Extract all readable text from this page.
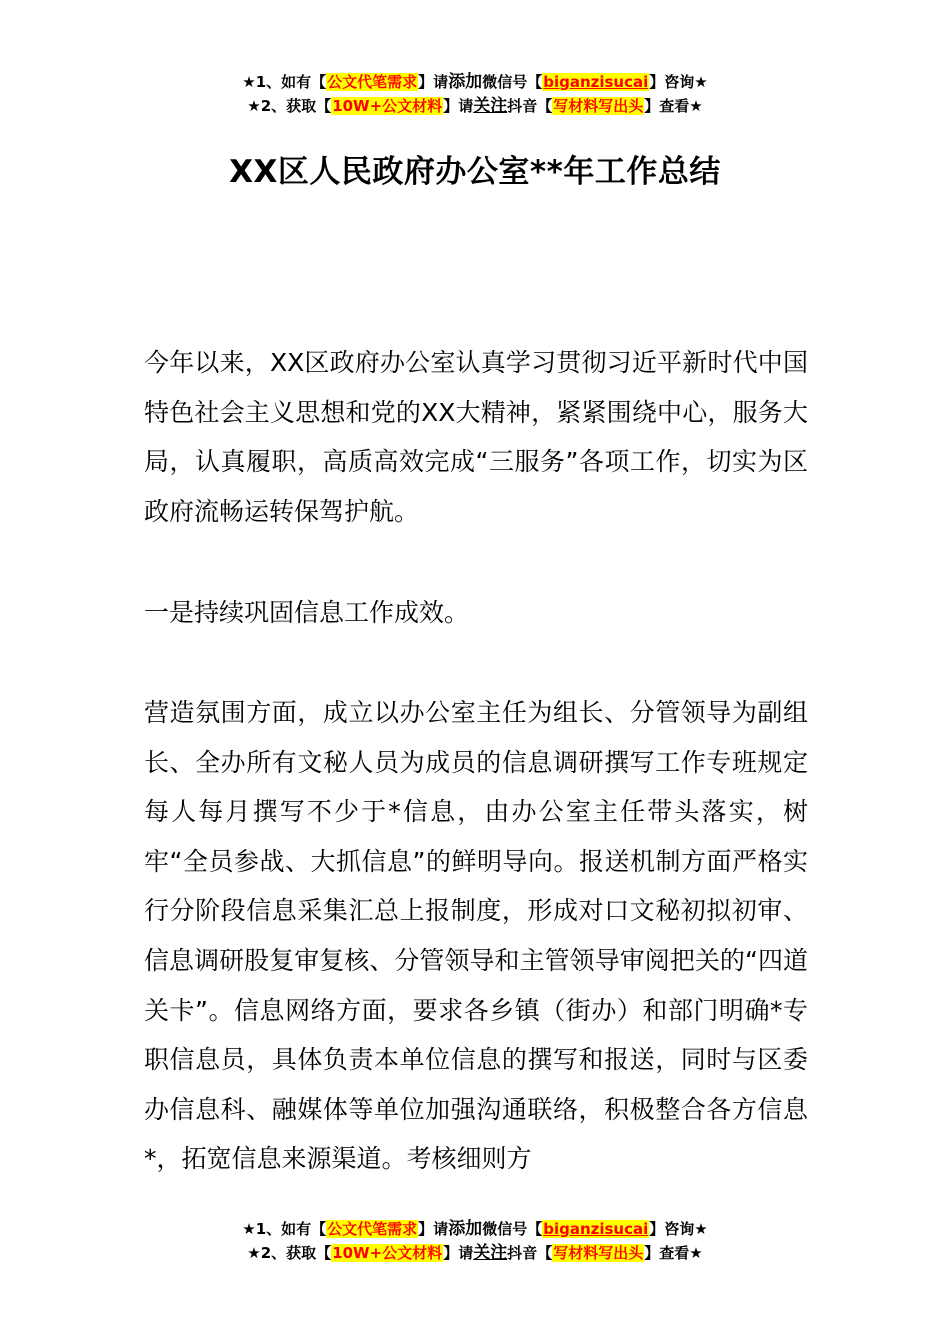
★1、如有【公文代笔需求】请添加微信号【biganzisucai】咨询★
★2、获取【10W+公文材料】请关注抖音【写材料写出头】查看★
XX区人民政府办公室**年工作总结
今年以来，XX区政府办公室认真学习贯彻习近平新时代中国特色社会主义思想和党的XX大精神，紧紧围绕中心，服务大局，认真履职，高质高效完成“三服务”各项工作，切实为区政府流畅运转保驾护航。
一是持续巩固信息工作成效。
营造氛围方面，成立以办公室主任为组长、分管领导为副组长、全办所有文秘人员为成员的信息调研撰写工作专班规定每人每月撰写不少于*信息，由办公室主任带头落实，树牢“全员参战、大抓信息”的鲜明导向。报送机制方面严格实行分阶段信息采集汇总上报制度，形成对口文秘初拟初审、信息调研股复审复核、分管领导和主管领导审阅把关的“四道关卡”。信息网络方面，要求各乡镇（街办）和部门明确*专职信息员，具体负责本单位信息的撰写和报送，同时与区委办信息科、融媒体等单位加强沟通联络，积极整合各方信息*，拓宽信息来源渠道。考核细则方
★1、如有【公文代笔需求】请添加微信号【biganzisucai】咨询★
★2、获取【10W+公文材料】请关注抖音【写材料写出头】查看★
